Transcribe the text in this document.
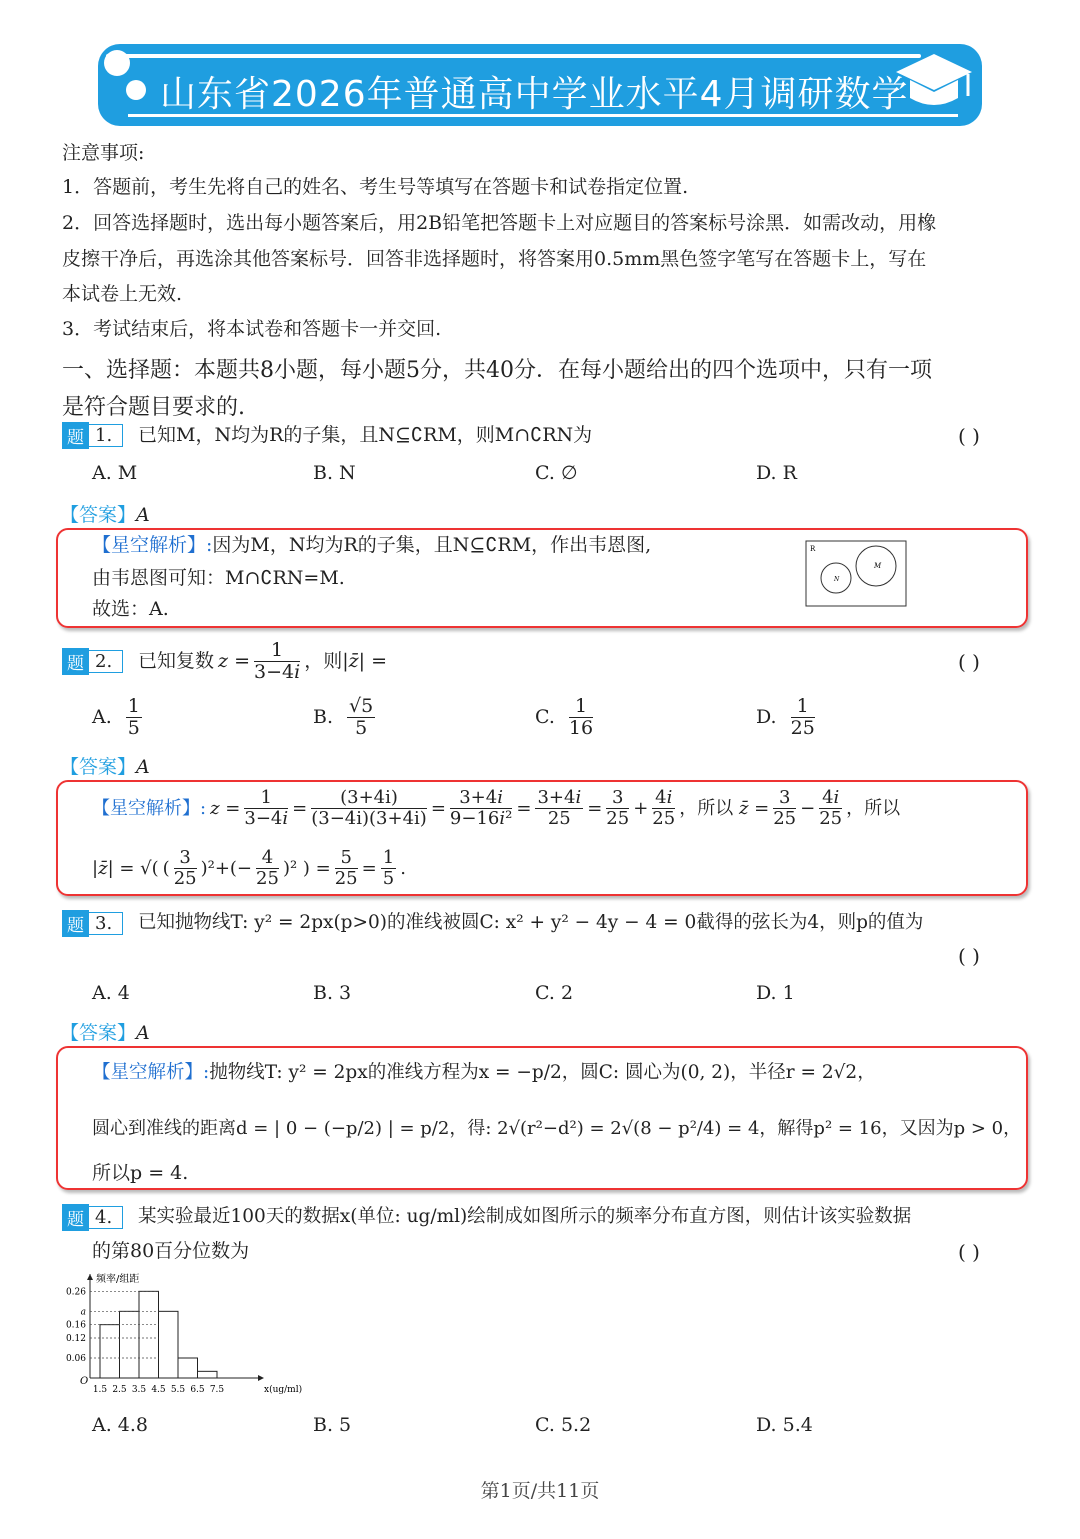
山东省2026年普通高中学业水平4月调研数学
注意事项:
1．答题前，考生先将自己的姓名、考生号等填写在答题卡和试卷指定位置.
2．回答选择题时，选出每小题答案后，用2B铅笔把答题卡上对应题目的答案标号涂黑．如需改动，用橡
皮擦干净后，再选涂其他答案标号．回答非选择题时，将答案用0.5mm黑色签字笔写在答题卡上，写在
本试卷上无效.
3．考试结束后，将本试卷和答题卡一并交回.
一、选择题：本题共8小题，每小题5分，共40分．在每小题给出的四个选项中，只有一项
是符合题目要求的.
题 1.	已知M，N均为R的子集，且N⊆∁RM，则M∩∁RN为	( )
A. M	B. N	C. ∅	D. R
【答案】A
【星空解析】:因为M，N均为R的子集，且N⊆∁RM，作出韦恩图,
由韦恩图可知：M∩∁RN=M.
故选：A.
R
M
N
题 2.	已知复数 $z = \frac{1}{3-4i}$ ，则 |z̄| =	( )
A. $\frac{1}{5}$	B. $\frac{√5}{5}$	C. $\frac{1}{16}$	D. $\frac{1}{25}$
【答案】A
【星空解析】: $z = \frac{1}{3-4i} = \frac{(3+4i)}{(3-4i)(3+4i)} = \frac{3+4i}{\text{9−16i²}} = \frac{3+4i}{25} = \frac{3}{25} + \frac{4i}{25}$ ，所以 z̄ = $\frac{3}{25} - \frac{4i}{25}$ ，所以
|z̄| = √( ( $\frac{3}{25} )^2+(- \frac{4}{25} )^2$ ) = $\frac{5}{25} = \frac{1}{5}$ .
题 3.	已知抛物线T: y² = 2px(p>0)的准线被圆C: x² + y² − 4y − 4 = 0截得的弦长为4，则p的值为
( )
A. 4	B. 3	C. 2	D. 1
【答案】A
【星空解析】:抛物线T: y² = 2px的准线方程为x = −p/2，圆C: 圆心为(0, 2)，半径r = 2√2，
圆心到准线的距离d = | 0 − (−p/2) | = p/2，得: 2√(r²−d²) = 2√(8 − p²/4) = 4，解得p² = 16，又因为p > 0，
所以p = 4.
题 4.	某实验最近100天的数据x(单位: ug/ml)绘制成如图所示的频率分布直方图，则估计该实验数据
的第80百分位数为	( )
频率/组距
x(ug/ml)
O
0.26
a
0.16
0.12
0.06
1.5 2.5 3.5 4.5 5.5 6.5 7.5
A. 4.8	B. 5	C. 5.2	D. 5.4
第1页/共11页
